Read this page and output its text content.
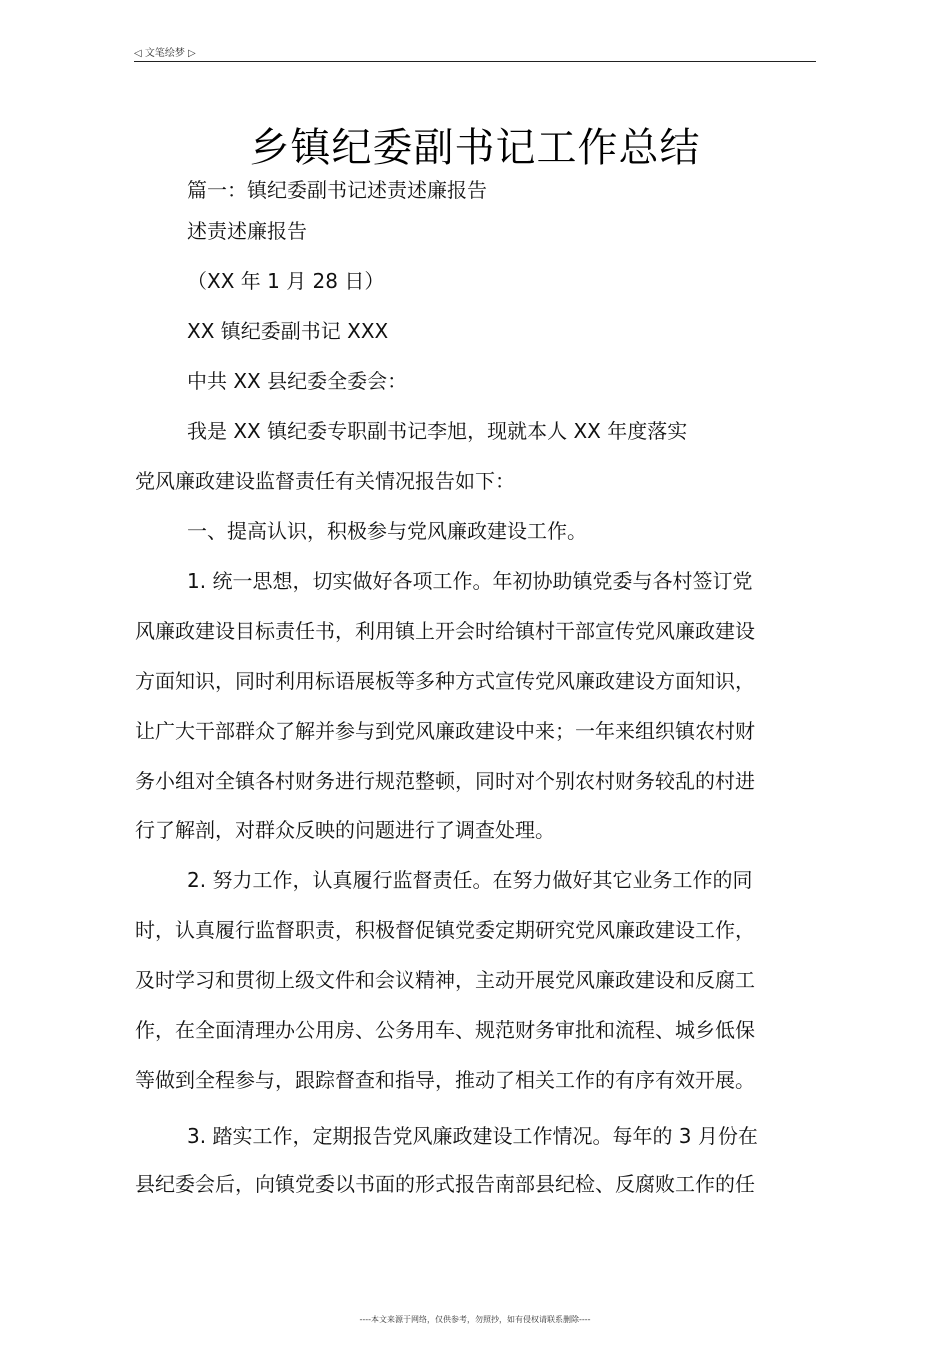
◁ 文笔绘梦 ▷
乡镇纪委副书记工作总结
篇一：镇纪委副书记述责述廉报告
述责述廉报告
（XX 年 1 月 28 日）
XX 镇纪委副书记 XXX
中共 XX 县纪委全委会：
我是 XX 镇纪委专职副书记李旭，现就本人 XX 年度落实
党风廉政建设监督责任有关情况报告如下：
一、提高认识，积极参与党风廉政建设工作。
1. 统一思想，切实做好各项工作。年初协助镇党委与各村签订党
风廉政建设目标责任书，利用镇上开会时给镇村干部宣传党风廉政建设
方面知识，同时利用标语展板等多种方式宣传党风廉政建设方面知识，
让广大干部群众了解并参与到党风廉政建设中来；一年来组织镇农村财
务小组对全镇各村财务进行规范整顿，同时对个别农村财务较乱的村进
行了解剖，对群众反映的问题进行了调查处理。
2. 努力工作，认真履行监督责任。在努力做好其它业务工作的同
时，认真履行监督职责，积极督促镇党委定期研究党风廉政建设工作，
及时学习和贯彻上级文件和会议精神，主动开展党风廉政建设和反腐工
作，在全面清理办公用房、公务用车、规范财务审批和流程、城乡低保
等做到全程参与，跟踪督查和指导，推动了相关工作的有序有效开展。
3. 踏实工作，定期报告党风廉政建设工作情况。每年的 3 月份在
县纪委会后，向镇党委以书面的形式报告南部县纪检、反腐败工作的任
----本文来源于网络，仅供参考，勿照抄，如有侵权请联系删除----
